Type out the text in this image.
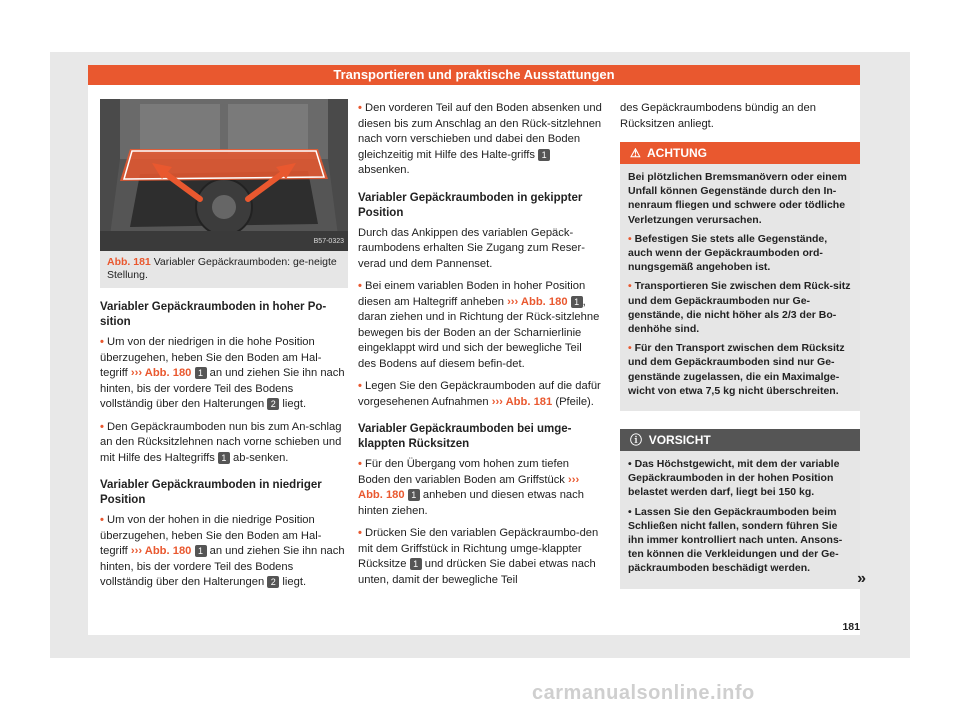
Transportieren und praktische Ausstattungen
B57-0323
Abb. 181 Variabler Gepäckraumboden: ge-neigte Stellung.
Variabler Gepäckraumboden in hoher Po-sition

• Um von der niedrigen in die hohe Position überzugehen, heben Sie den Boden am Hal-tegriff ››› Abb. 180 1 an und ziehen Sie ihn nach hinten, bis der vordere Teil des Bodens vollständig über den Halterungen 2 liegt.

• Den Gepäckraumboden nun bis zum An-schlag an den Rücksitzlehnen nach vorne schieben und mit Hilfe des Haltegriffs 1 ab-senken.

Variabler Gepäckraumboden in niedriger Position

• Um von der hohen in die niedrige Position überzugehen, heben Sie den Boden am Hal-tegriff ››› Abb. 180 1 an und ziehen Sie ihn nach hinten, bis der vordere Teil des Bodens vollständig über den Halterungen 2 liegt.

• Den vorderen Teil auf den Boden absenken und diesen bis zum Anschlag an den Rück-sitzlehnen nach vorn verschieben und dabei den Boden gleichzeitig mit Hilfe des Halte-griffs 1 absenken.

Variabler Gepäckraumboden in gekippter Position

Durch das Ankippen des variablen Gepäck-raumbodens erhalten Sie Zugang zum Reser-verad und dem Pannenset.

• Bei einem variablen Boden in hoher Position diesen am Haltegriff anheben ››› Abb. 180 1 , daran ziehen und in Richtung der Rück-sitzlehne bewegen bis der Boden an der Scharnierlinie eingeklappt wird und sich der bewegliche Teil des Bodens auf diesem befin-det.

• Legen Sie den Gepäckraumboden auf die dafür vorgesehenen Aufnahmen ››› Abb. 181 (Pfeile).

Variabler Gepäckraumboden bei umge-klappten Rücksitzen

• Für den Übergang vom hohen zum tiefen Boden den variablen Boden am Griffstück ››› Abb. 180 1 anheben und diesen etwas nach hinten ziehen.

• Drücken Sie den variablen Gepäckraumbo-den mit dem Griffstück in Richtung umge-klappter Rücksitze 1 und drücken Sie dabei etwas nach unten, damit der bewegliche Teil

des Gepäckraumbodens bündig an den Rücksitzen anliegt.

⚠ ACHTUNG

Bei plötzlichen Bremsmanövern oder einem Unfall können Gegenstände durch den In-nenraum fliegen und schwere oder tödliche Verletzungen verursachen.

• Befestigen Sie stets alle Gegenstände, auch wenn der Gepäckraumboden ord-nungsgemäß angehoben ist.

• Transportieren Sie zwischen dem Rück-sitz und dem Gepäckraumboden nur Ge-genstände, die nicht höher als 2/3 der Bo-denhöhe sind.

• Für den Transport zwischen dem Rücksitz und dem Gepäckraumboden sind nur Ge-genstände zugelassen, die ein Maximalge-wicht von etwa 7,5 kg nicht überschreiten.

ⓘ VORSICHT

• Das Höchstgewicht, mit dem der variable Gepäckraumboden in der hohen Position belastet werden darf, liegt bei 150 kg.

• Lassen Sie den Gepäckraumboden beim Schließen nicht fallen, sondern führen Sie ihn immer kontrolliert nach unten. Ansons-ten können die Verkleidungen und der Ge-päckraumboden beschädigt werden.

»
181
carmanualsonline.info
